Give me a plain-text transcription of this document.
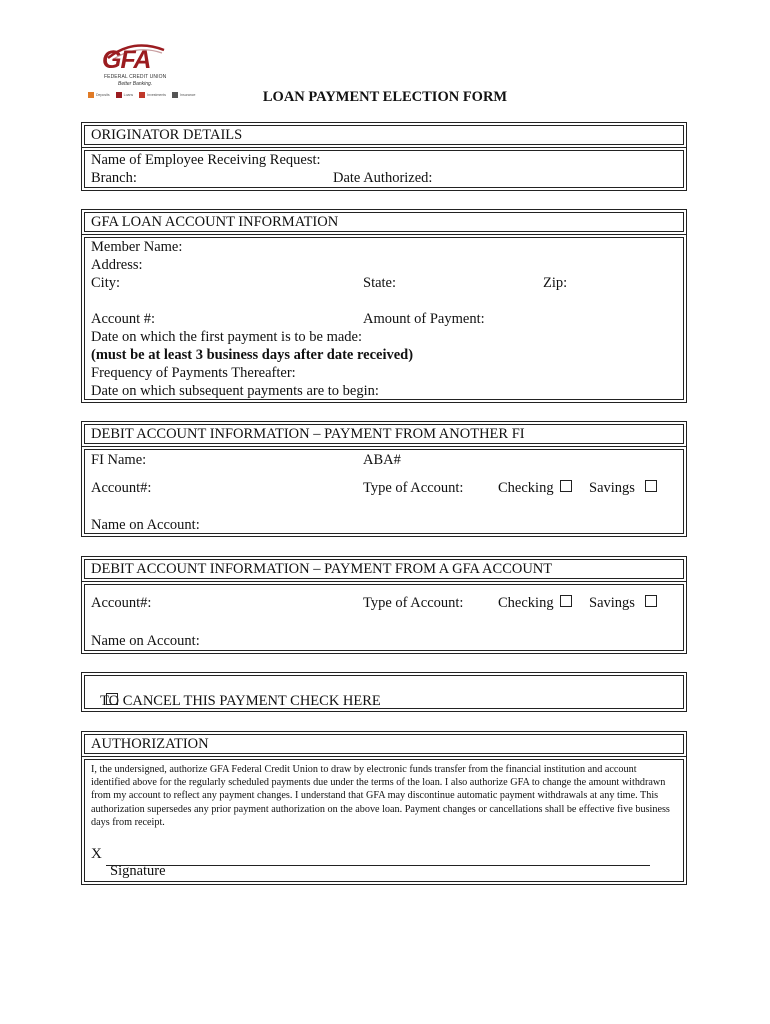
GFA
FEDERAL CREDIT UNION
Better Banking.
Deposits	Loans	Investments	Insurance	LOAN PAYMENT ELECTION FORM
ORIGINATOR DETAILS
Name of Employee Receiving Request:
Branch:	Date Authorized:
GFA LOAN ACCOUNT INFORMATION
Member Name:
Address:
City:	State:	Zip:
Account #:	Amount of Payment:
Date on which the first payment is to be made:
(must be at least 3 business days after date received)
Frequency of Payments Thereafter:
Date on which subsequent payments are to begin:
DEBIT ACCOUNT INFORMATION – PAYMENT FROM ANOTHER FI
FI Name:	ABA#
Account#:	Type of Account: Checking	Savings
Name on Account:
DEBIT ACCOUNT INFORMATION – PAYMENT FROM A GFA ACCOUNT
Account#:	Type of Account: Checking	Savings
Name on Account:
TO CANCEL THIS PAYMENT CHECK HERE
AUTHORIZATION
I, the undersigned, authorize GFA Federal Credit Union to draw by electronic funds transfer from the financial institution and account identified above for the regularly scheduled payments due under the terms of the loan. I also authorize GFA to change the amount withdrawn from my account to reflect any payment changes. I understand that GFA may discontinue automatic payment withdrawals at any time. This authorization supersedes any prior payment authorization on the above loan. Payment changes or cancellations shall be effective five business days from receipt.
X
Signature
